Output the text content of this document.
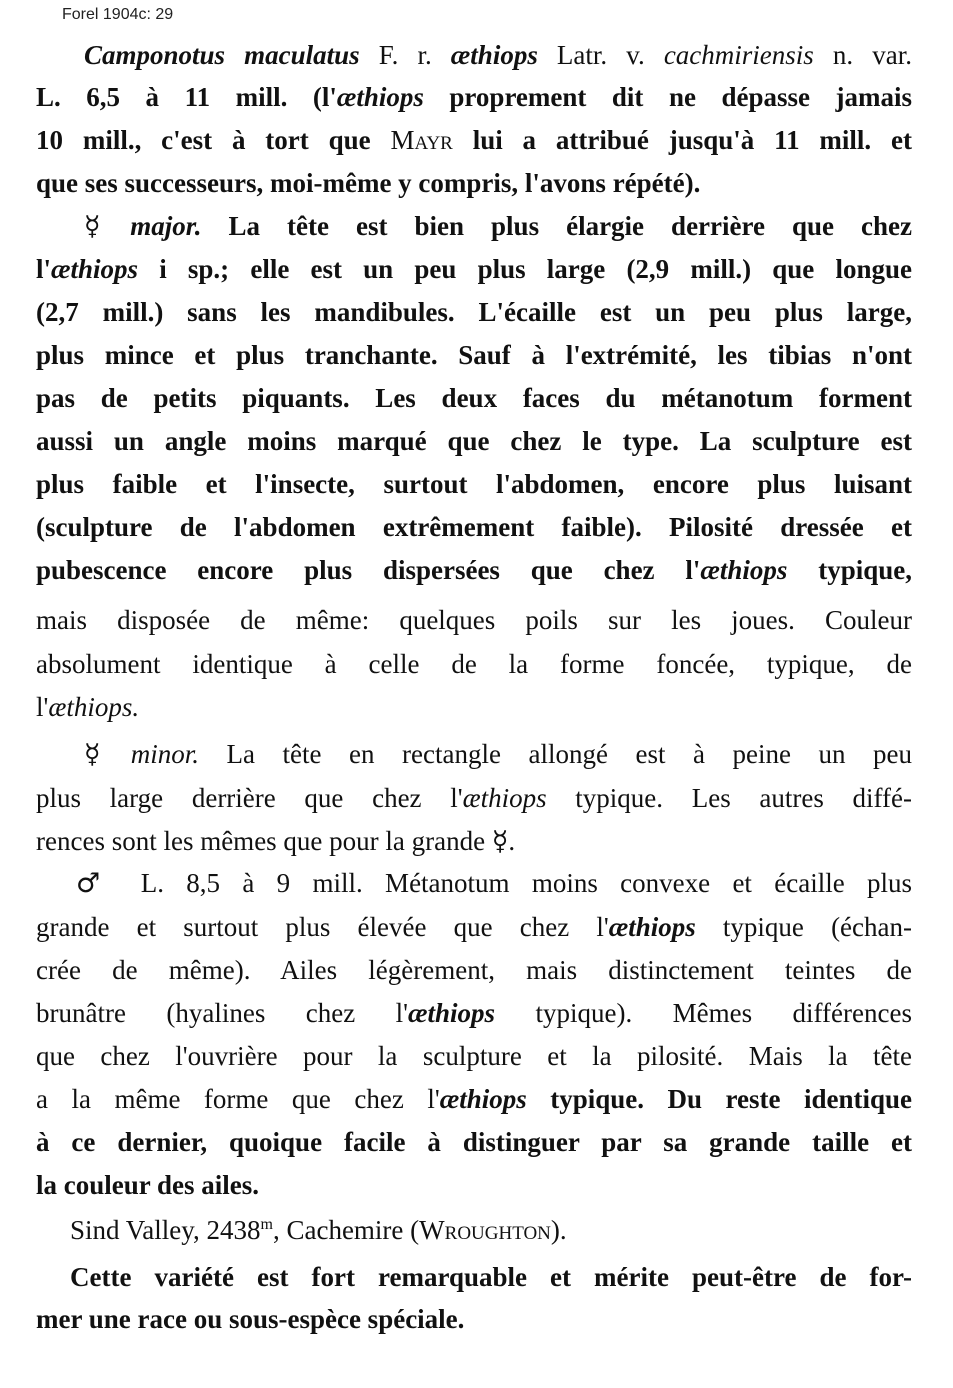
Forel 1904c: 29
Camponotus maculatus F. r. æthiops Latr. v. cachmiriensis n. var.
L. 6,5 à 11 mill. (l'æthiops proprement dit ne dépasse jamais
10 mill., c'est à tort que Mayr lui a attribué jusqu'à 11 mill. et
que ses successeurs, moi-même y compris, l'avons répété).
☿ major. La tête est bien plus élargie derrière que chez
l'æthiops i sp.; elle est un peu plus large (2,9 mill.) que longue
(2,7 mill.) sans les mandibules. L'écaille est un peu plus large,
plus mince et plus tranchante. Sauf à l'extrémité, les tibias n'ont
pas de petits piquants. Les deux faces du métanotum forment
aussi un angle moins marqué que chez le type. La sculpture est
plus faible et l'insecte, surtout l'abdomen, encore plus luisant
(sculpture de l'abdomen extrêmement faible). Pilosité dressée et
pubescence encore plus dispersées que chez l'æthiops typique,
mais disposée de même: quelques poils sur les joues. Couleur
absolument identique à celle de la forme foncée, typique, de
l'æthiops.
☿ minor. La tête en rectangle allongé est à peine un peu
plus large derrière que chez l'æthiops typique. Les autres diffé-
rences sont les mêmes que pour la grande ☿.
♂ L. 8,5 à 9 mill. Métanotum moins convexe et écaille plus
grande et surtout plus élevée que chez l'æthiops typique (échan-
crée de même). Ailes légèrement, mais distinctement teintes de
brunâtre (hyalines chez l'æthiops typique). Mêmes différences
que chez l'ouvrière pour la sculpture et la pilosité. Mais la tête
a la même forme que chez l'æthiops typique. Du reste identique
à ce dernier, quoique facile à distinguer par sa grande taille et
la couleur des ailes.
Sind Valley, 2438$^m$, Cachemire (Wroughton).
Cette variété est fort remarquable et mérite peut-être de for-
mer une race ou sous-espèce spéciale.
